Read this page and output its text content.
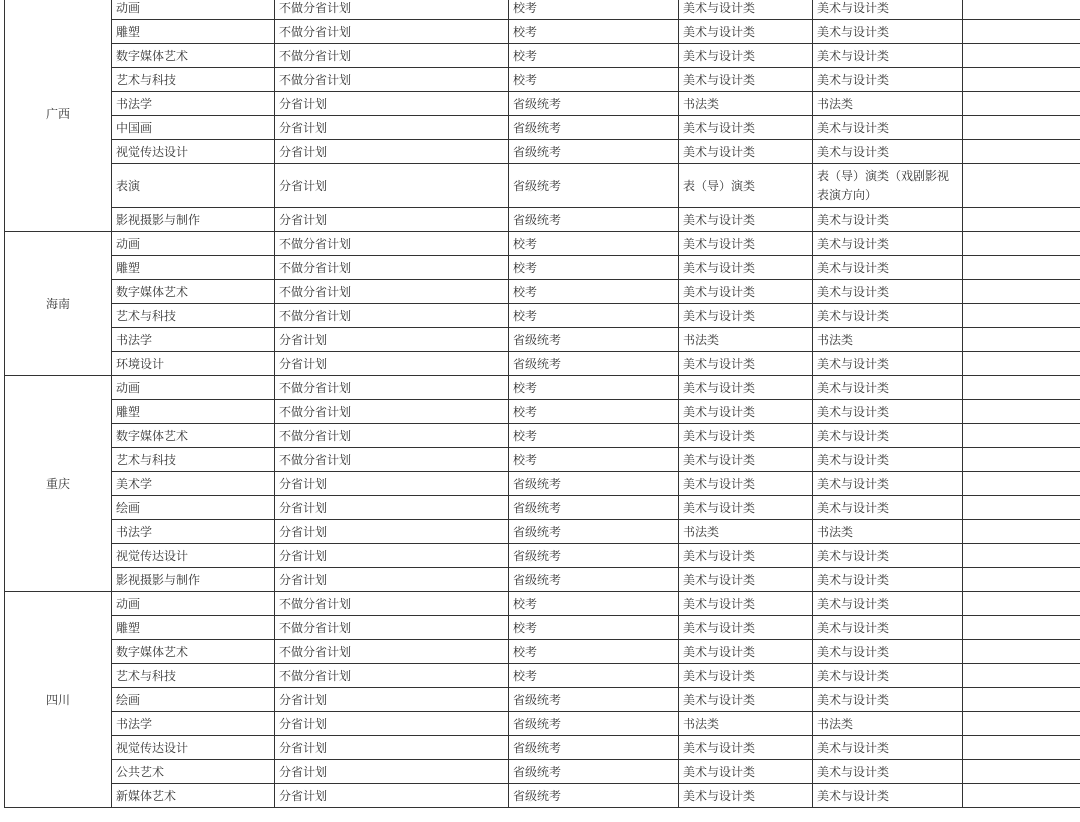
广西	动画	不做分省计划	校考	美术与设计类	美术与设计类	
	雕塑	不做分省计划	校考	美术与设计类	美术与设计类	
	数字媒体艺术	不做分省计划	校考	美术与设计类	美术与设计类	
	艺术与科技	不做分省计划	校考	美术与设计类	美术与设计类	
	书法学	分省计划	省级统考	书法类	书法类	
	中国画	分省计划	省级统考	美术与设计类	美术与设计类	
	视觉传达设计	分省计划	省级统考	美术与设计类	美术与设计类	
	表演	分省计划	省级统考	表（导）演类	表（导）演类（戏剧影视表演方向）	
	影视摄影与制作	分省计划	省级统考	美术与设计类	美术与设计类	
海南	动画	不做分省计划	校考	美术与设计类	美术与设计类	
	雕塑	不做分省计划	校考	美术与设计类	美术与设计类	
	数字媒体艺术	不做分省计划	校考	美术与设计类	美术与设计类	
	艺术与科技	不做分省计划	校考	美术与设计类	美术与设计类	
	书法学	分省计划	省级统考	书法类	书法类	
	环境设计	分省计划	省级统考	美术与设计类	美术与设计类	
重庆	动画	不做分省计划	校考	美术与设计类	美术与设计类	
	雕塑	不做分省计划	校考	美术与设计类	美术与设计类	
	数字媒体艺术	不做分省计划	校考	美术与设计类	美术与设计类	
	艺术与科技	不做分省计划	校考	美术与设计类	美术与设计类	
	美术学	分省计划	省级统考	美术与设计类	美术与设计类	
	绘画	分省计划	省级统考	美术与设计类	美术与设计类	
	书法学	分省计划	省级统考	书法类	书法类	
	视觉传达设计	分省计划	省级统考	美术与设计类	美术与设计类	
	影视摄影与制作	分省计划	省级统考	美术与设计类	美术与设计类	
四川	动画	不做分省计划	校考	美术与设计类	美术与设计类	
	雕塑	不做分省计划	校考	美术与设计类	美术与设计类	
	数字媒体艺术	不做分省计划	校考	美术与设计类	美术与设计类	
	艺术与科技	不做分省计划	校考	美术与设计类	美术与设计类	
	绘画	分省计划	省级统考	美术与设计类	美术与设计类	
	书法学	分省计划	省级统考	书法类	书法类	
	视觉传达设计	分省计划	省级统考	美术与设计类	美术与设计类	
	公共艺术	分省计划	省级统考	美术与设计类	美术与设计类	
	新媒体艺术	分省计划	省级统考	美术与设计类	美术与设计类	
